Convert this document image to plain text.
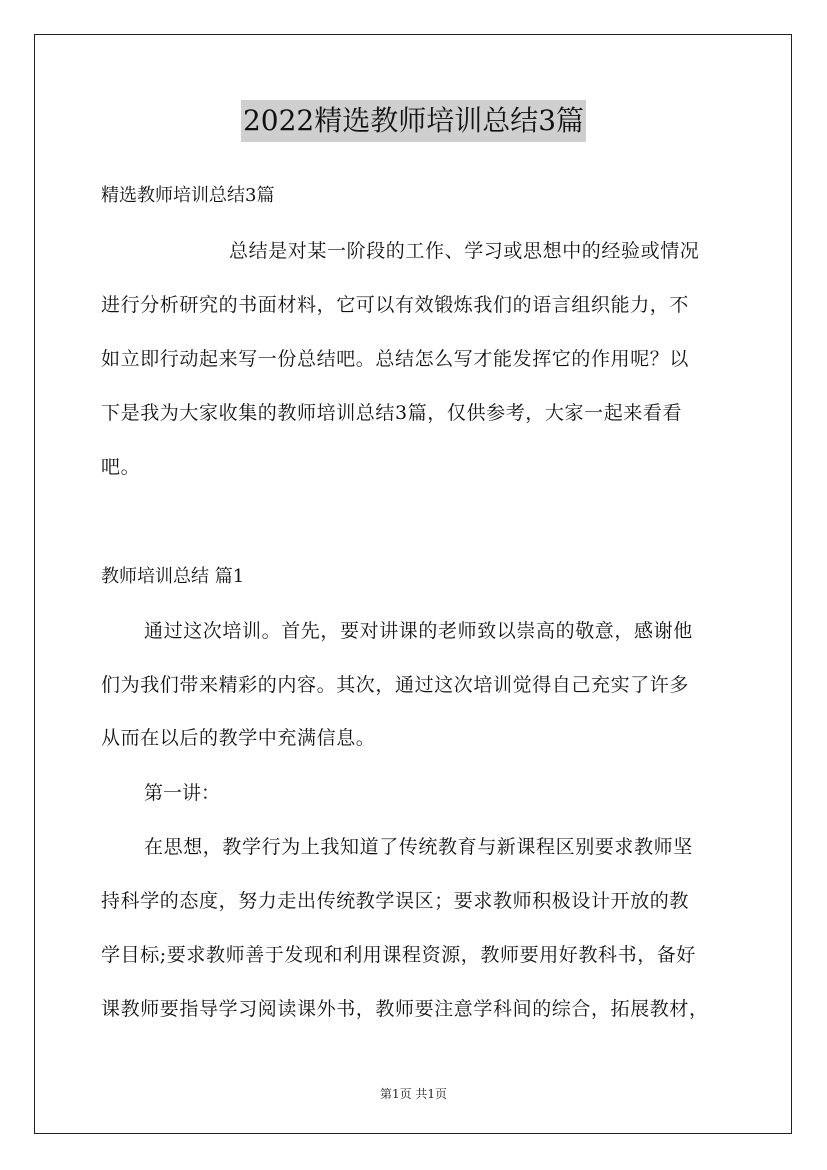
2022精选教师培训总结3篇
精选教师培训总结3篇
总结是对某一阶段的工作、学习或思想中的经验或情况
进行分析研究的书面材料，它可以有效锻炼我们的语言组织能力，不
如立即行动起来写一份总结吧。总结怎么写才能发挥它的作用呢？以
下是我为大家收集的教师培训总结3篇，仅供参考，大家一起来看看
吧。
教师培训总结 篇1
通过这次培训。首先，要对讲课的老师致以崇高的敬意，感谢他
们为我们带来精彩的内容。其次，通过这次培训觉得自己充实了许多
从而在以后的教学中充满信息。
第一讲：
在思想，教学行为上我知道了传统教育与新课程区别要求教师坚
持科学的态度，努力走出传统教学误区；要求教师积极设计开放的教
学目标;要求教师善于发现和利用课程资源，教师要用好教科书，备好
课教师要指导学习阅读课外书，教师要注意学科间的综合，拓展教材，
第1页 共1页
